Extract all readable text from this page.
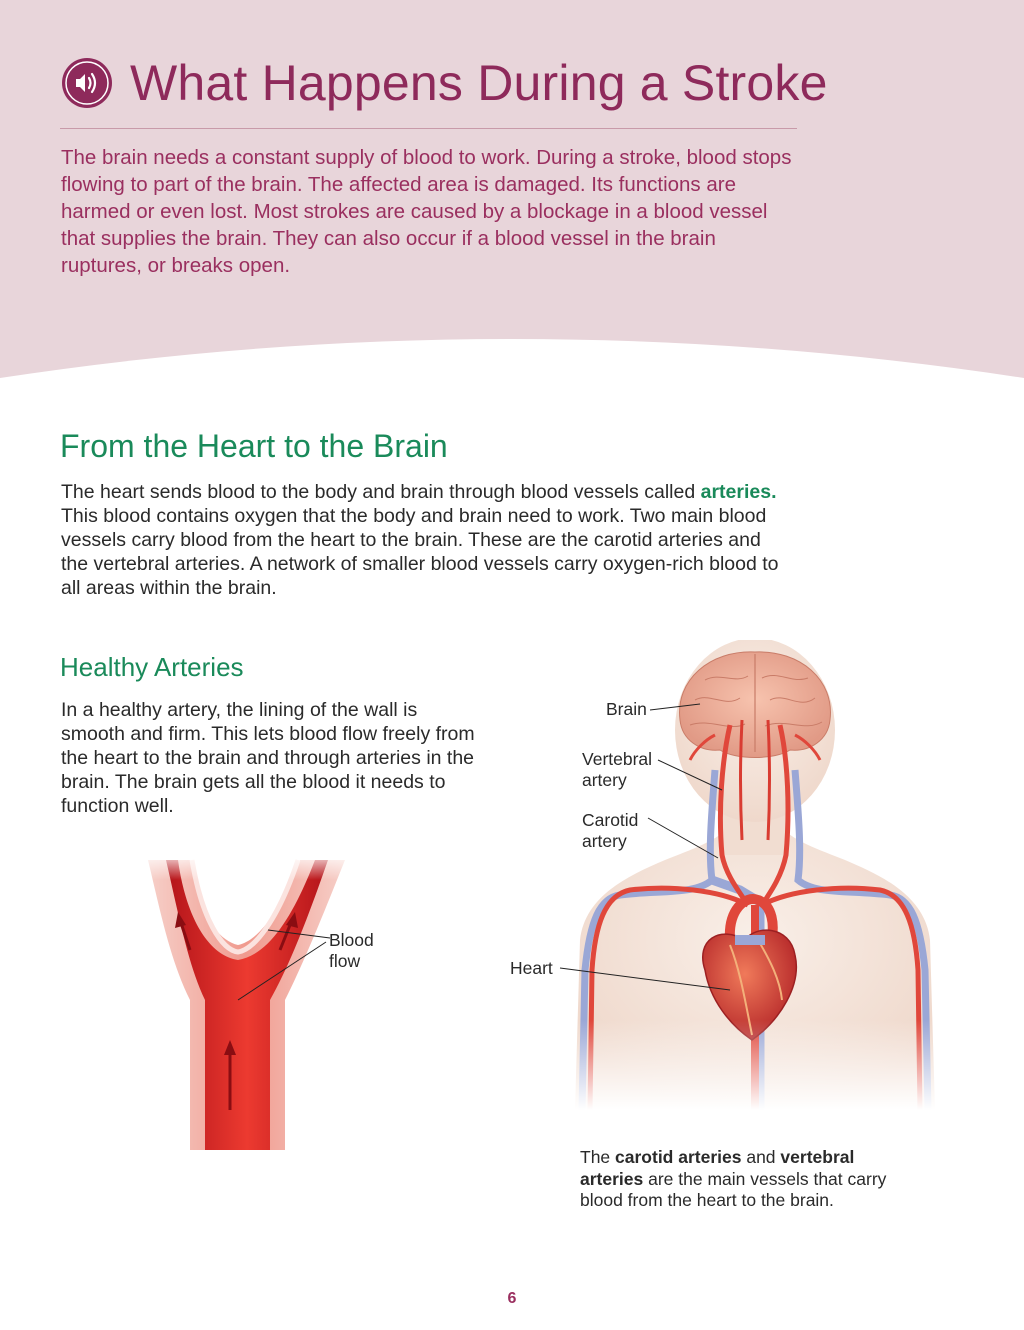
What Happens During a Stroke

The brain needs a constant supply of blood to work. During a stroke, blood stops flowing to part of the brain. The affected area is damaged. Its functions are harmed or even lost. Most strokes are caused by a blockage in a blood vessel that supplies the brain. They can also occur if a blood vessel in the brain ruptures, or breaks open.

From the Heart to the Brain

The heart sends blood to the body and brain through blood vessels called arteries. This blood contains oxygen that the body and brain need to work. Two main blood vessels carry blood from the heart to the brain. These are the carotid arteries and the vertebral arteries. A network of smaller blood vessels carry oxygen-rich blood to all areas within the brain.

Healthy Arteries

In a healthy artery, the lining of the wall is smooth and firm. This lets blood flow freely from the heart to the brain and through arteries in the brain. The brain gets all the blood it needs to function well.

Blood
flow
Brain
Vertebral
artery
Carotid
artery
Heart

The carotid arteries and vertebral arteries are the main vessels that carry blood from the heart to the brain.

6
